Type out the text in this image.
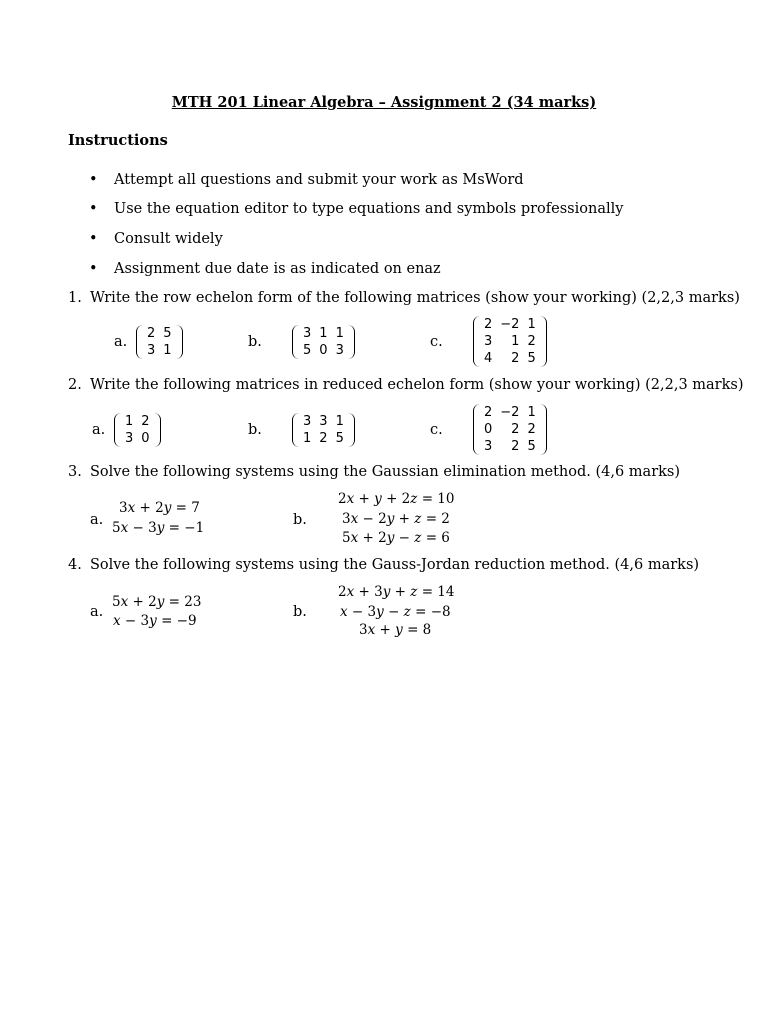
MTH 201 Linear Algebra – Assignment 2 (34 marks)
Instructions
• Attempt all questions and submit your work as MsWord
• Use the equation editor to type equations and symbols professionally
• Consult widely
• Assignment due date is as indicated on enaz
1. Write the row echelon form of the following matrices (show your working) (2,2,3 marks)
a.
2	5
3	1
b.
3	1	1
5	0	3
c.
2	−2	1
3	1	2
4	2	5
2. Write the following matrices in reduced echelon form (show your working) (2,2,3 marks)
a.
1	2
3	0
b.
3	3	1
1	2	5
c.
2	−2	1
0	2	2
3	2	5
3. Solve the following systems using the Gaussian elimination method. (4,6 marks)
a.
3x + 2y = 7
5x − 3y = −1	b.
2x + y + 2z = 10
3x − 2y + z = 2
5x + 2y − z = 6
4. Solve the following systems using the Gauss-Jordan reduction method. (4,6 marks)
a.
5x + 2y = 23
x − 3y = −9
b.
2x + 3y + z = 14
x − 3y − z = −8
3x + y = 8
